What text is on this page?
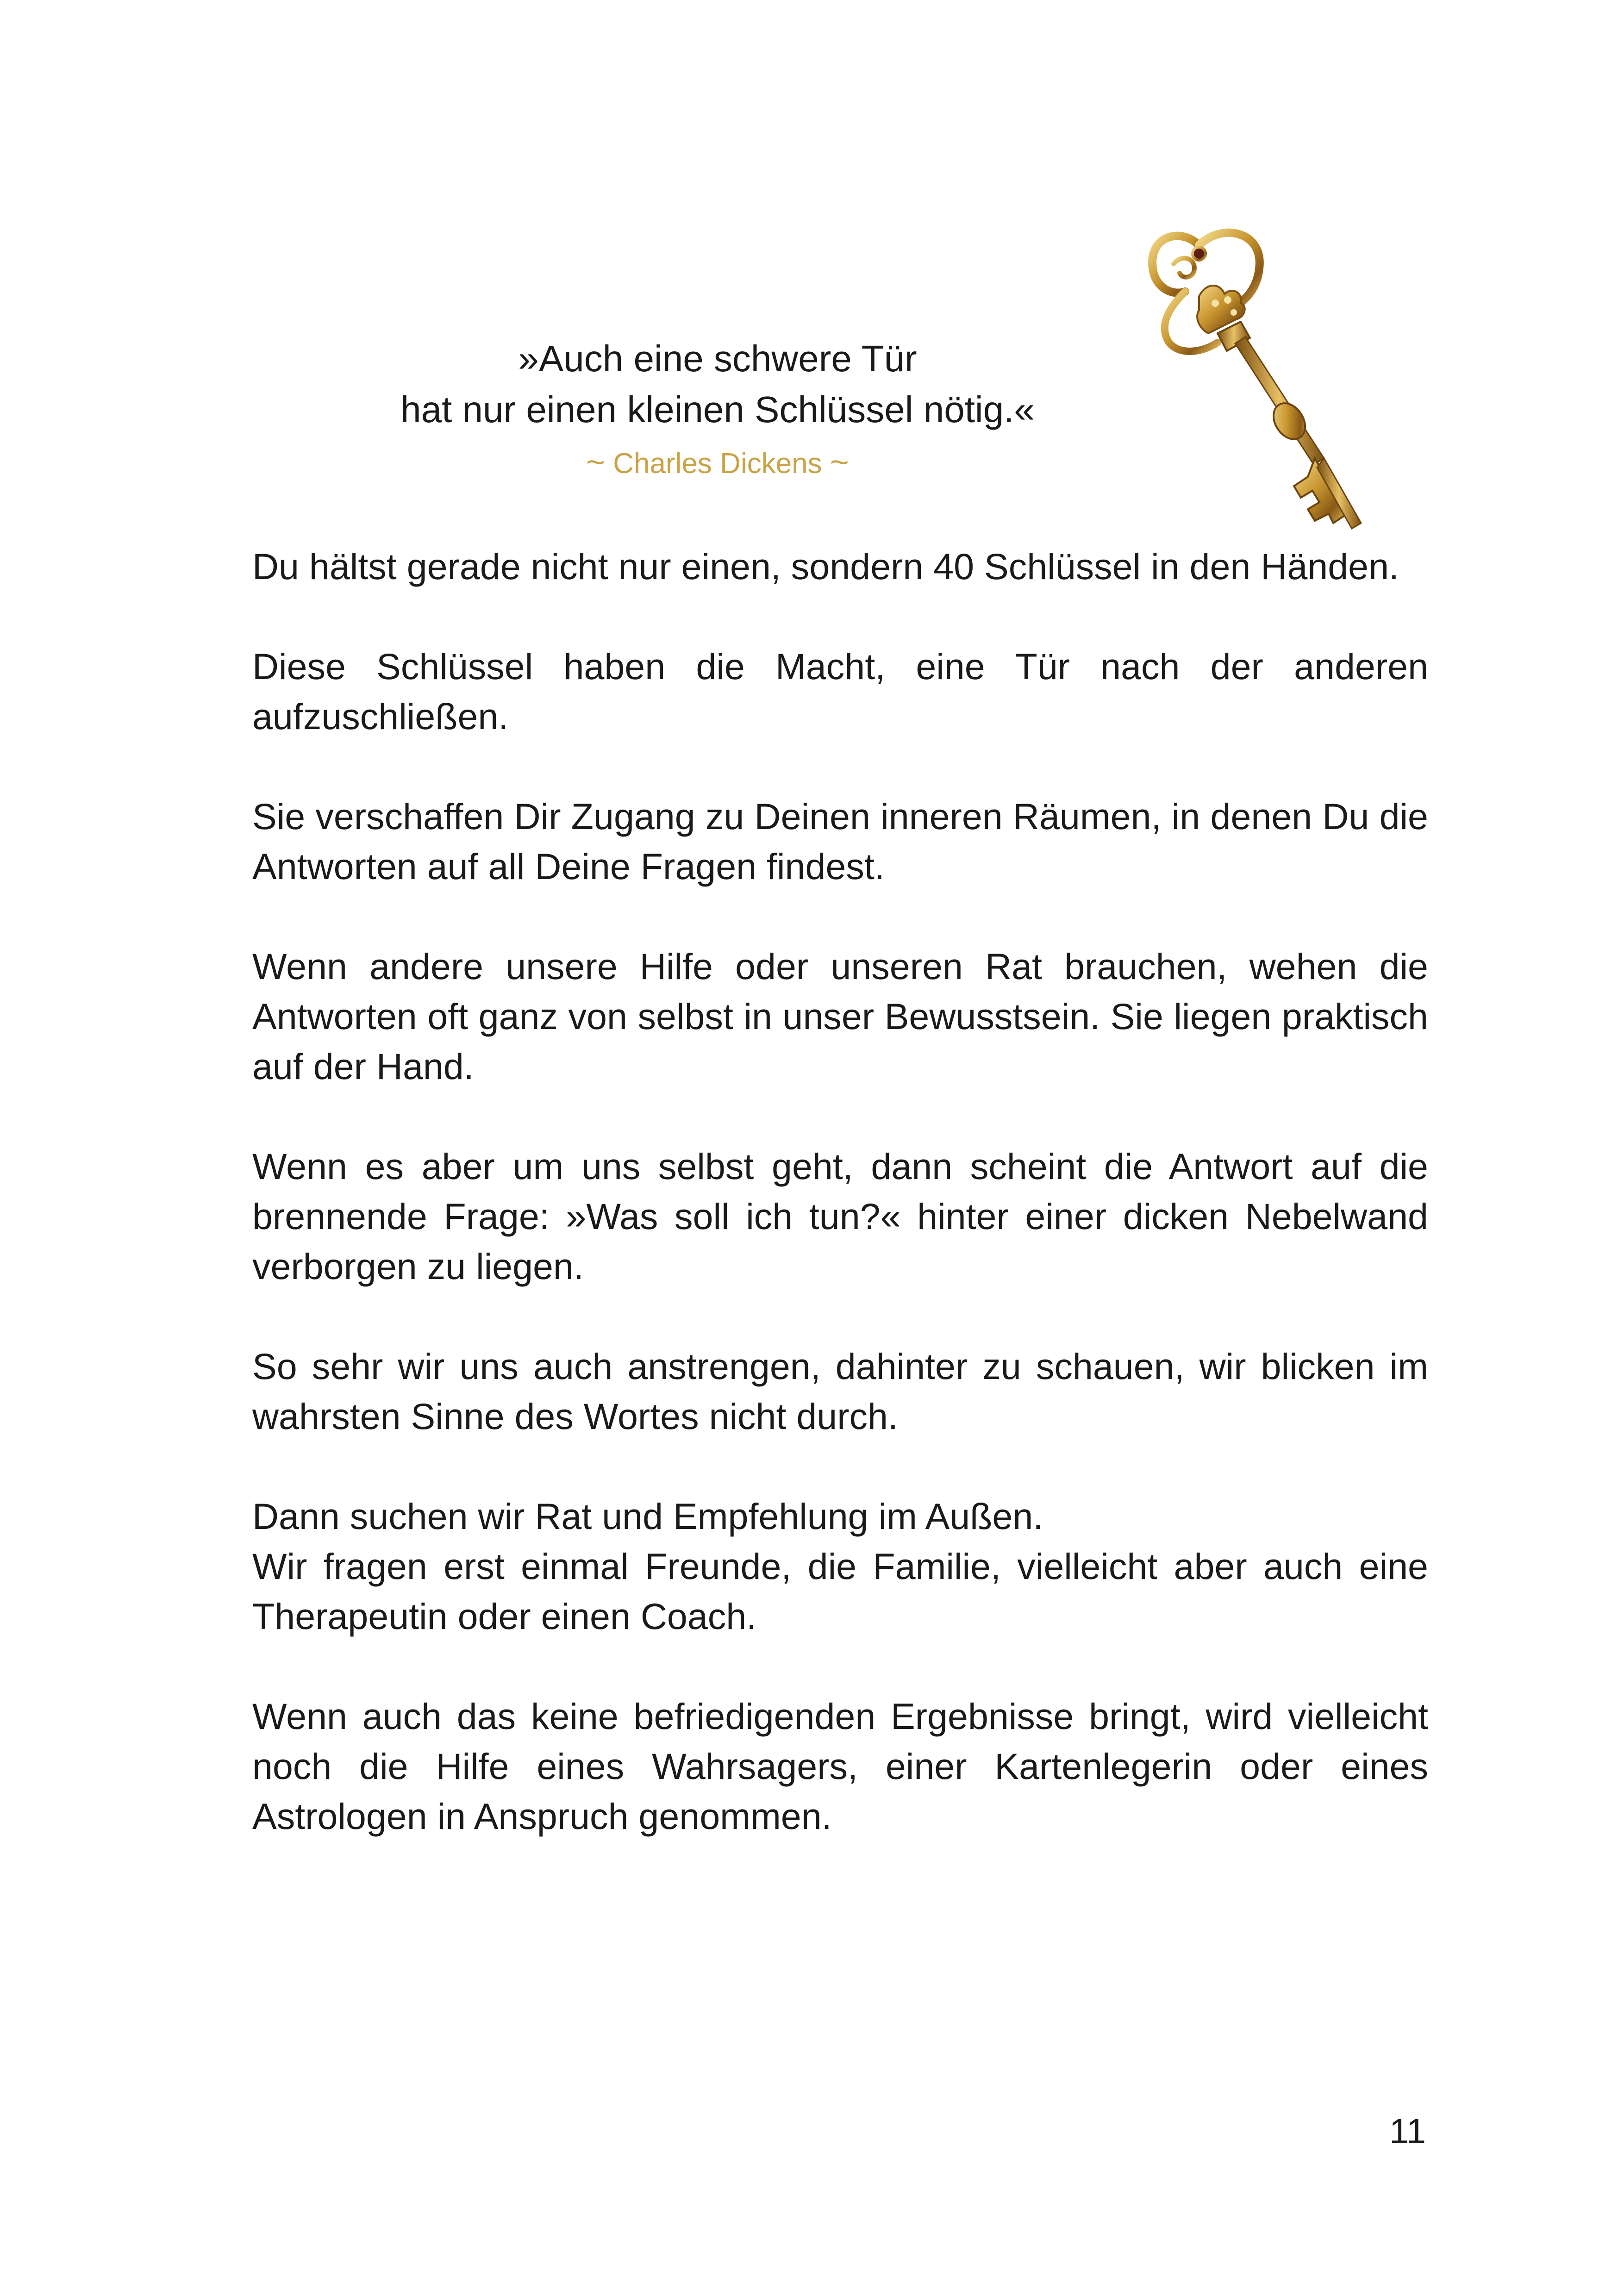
»Auch eine schwere Tür
hat nur einen kleinen Schlüssel nötig.«
~ Charles Dickens ~

Du hältst gerade nicht nur einen, sondern 40 Schlüssel in den Händen.

Diese Schlüssel haben die Macht, eine Tür nach der anderen aufzuschließen.

Sie verschaffen Dir Zugang zu Deinen inneren Räumen, in denen Du die Antworten auf all Deine Fragen findest.

Wenn andere unsere Hilfe oder unseren Rat brauchen, wehen die Antworten oft ganz von selbst in unser Bewusstsein. Sie liegen praktisch auf der Hand.

Wenn es aber um uns selbst geht, dann scheint die Antwort auf die brennende Frage: »Was soll ich tun?« hinter einer dicken Nebelwand verborgen zu liegen.

So sehr wir uns auch anstrengen, dahinter zu schauen, wir blicken im wahrsten Sinne des Wortes nicht durch.

Dann suchen wir Rat und Empfehlung im Außen.

Wir fragen erst einmal Freunde, die Familie, vielleicht aber auch eine Therapeutin oder einen Coach.

Wenn auch das keine befriedigenden Ergebnisse bringt, wird vielleicht noch die Hilfe eines Wahrsagers, einer Kartenlegerin oder eines Astrologen in Anspruch genommen.

11
